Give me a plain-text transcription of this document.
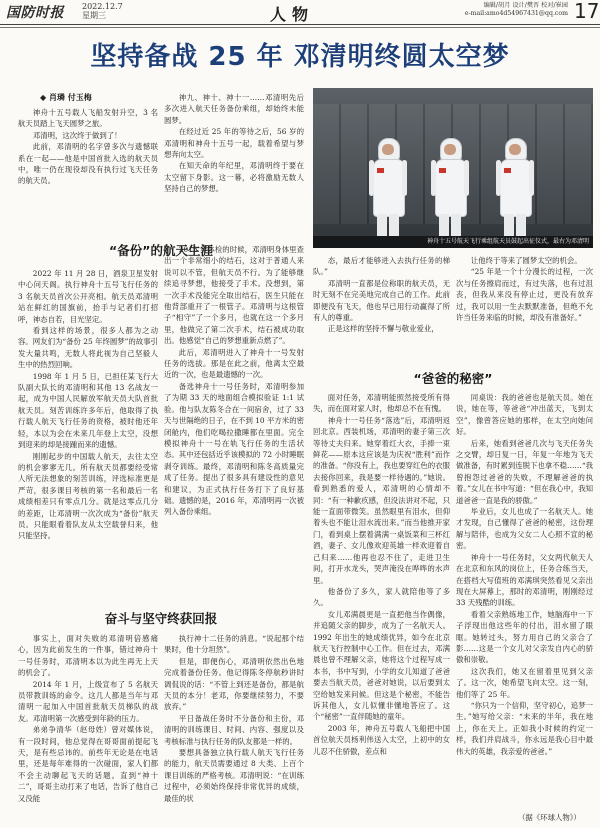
国防时报 2022.12.7
星期三	人物	编辑/胡月 设计/樊晋 校对/崔园
e-mail:amo4d54967431@qq.com 17
坚持备战 25 年 邓清明终圆太空梦
◆ 肖璘 付玉梅

神舟十五号载人飞船发射升空，3 名航天员踏上飞天圆梦之旅。

邓清明，这次终于做到了！

此前，邓清明的名字曾多次与遗憾联系在一起——他是中国首批入选的航天员中，唯一仍在现役却没有执行过飞天任务的航天员。

神九、神十、神十一……邓清明先后多次进入航天任务备份乘组，却始终未能圆梦。

在经过近 25 年的等待之后，56 岁的邓清明和神舟十五号一起，载着希望与梦想奔向太空。

在知天命的年纪里，邓清明终于要在太空留下身影。这一幕，必将激励无数人坚持自己的梦想。

神舟十五号航天飞行乘组航天员鼓起出征仪式，最右为邓清明
“备份”的航天生涯

2022 年 11 月 28 日，酒泉卫星发射中心问天阁。执行神舟十五号飞行任务的 3 名航天员首次公开亮相。航天员邓清明站在鲜红的国旗前，抬手与记者们打招呼，神态自若，目光坚定。

看到这样的场景，很多人都为之动容。网友们为“备份 25 年终圆梦”的故事引发大量共鸣，无数人将此视为自己坚毅人生中的热烈回响。

1998 年 1 月 5 日，已担任某飞行大队副大队长的邓清明和其他 13 名战友一起，成为中国人民解放军航天员大队首批航天员。刻苦训练许多年后，他取得了执行载人航天飞行任务的资格，被时他还年轻，本以为会在未来几年登上太空，没想到迎来的却是接踵而来的遗憾。

刚刚起步的中国载人航天，去往太空的机会寥寥无几。所有航天员都要经受常人所无法想象的刻苦训练，评选标准更是严苛，很多课目考核的第一名和最后一名成绩相差只有零点几分。就是这零点几分的差距，让邓清明一次次成为“备份”航天员。只能眼看着队友从太空载誉归来，他只能坚持。

2013 年体检的时候，邓清明身体里查出一个非常细小的结石，这对于普通人来说可以不管，但航天员不行。为了能够继续追寻梦想，他接受了手术。没想到，第一次手术没能完全取出结石，医生只能在他背部重开了一根管子。邓清明与这根管子“相守”了一个多月，也就在这一个多月里，他做完了第二次手术，结石被成功取出。他感觉“自己的梦想重新点燃了”。

此后，邓清明进入了神舟十一号发射任务的选拔。那是在此之前，他离太空最近的一次，也是最遗憾的一次。

备选神舟十一号任务时，邓清明参加了为期 33 天的地面组合模拟验证 1:1 试验。他与队友陈冬合在一间宿舍，过了 33 天与世隔绝的日子，在不到 10 平方米的密闭舱内，他们吃喝拉撒睡都在里面。完全模拟神舟十一号在轨飞行任务的生活状态。其中还包括近乎该模拟的 72 小时睡眠剥夺训练。最终，邓清明和陈冬高质量完成了任务。提出了很多具有建设性的意见和建议，为正式执行任务打下了良好基础。遗憾的是，2016 年，邓清明再一次被列入备份乘组。

态，最后才能够进入去执行任务的梯队。”

邓清明一直都是位称职的航天员，无时无刻不在完美地完成自己的工作。此前即便没有飞天，他也早已用行动赢得了所有人的尊重。

正是这样的坚持不懈与敬业爱业，

让他终于等来了圆梦太空的机会。

“25 年是一个十分漫长的过程，一次次与任务擦肩而过，有过失落，也有过沮丧，但我从来没有停止过，更没有放弃过，我可以用一生去默默准备，但绝不允许当任务来临的时候，却没有准备好。”

“爸爸的秘密”

面对任务，邓清明能照然接受所有得失，而在面对家人时，他却总不在有愧。

神舟十一号任务“落选”后，邓清明返回北京。西装机场，邓清明的妻子第三次等待丈夫归来。她穿着红大衣，手捧一束鲜花——原本这应该是为庆祝“胜利”而作的准备。“你没有上，我也要穿红色的衣服去接你回来，我是要一样待遇的。”她说。看到熟悉的爱人，邓清明的心情却不同：“有一种歉疚感，但没法讲对不起，只能一直面带微笑。虽然眼里有泪水，但仰着头也不能让泪水流出来。”而当他推开家门，看到桌上摆着满满一桌饭菜和三杯红酒，妻子、女儿像欢迎英雄一样欢迎着自己归来……他再也忍不住了，走进卫生间，打开水龙头，哭声淹没在哗哗的水声里。

他备份了多久，家人就陪他等了多久。

女儿邓满晨更是一直把他当作偶像，并追随父亲的脚步，成为了一名航天人。1992 年出生的她成绩优异，如今在北京航天飞行控制中心工作。但在过去，邓满晨也曾不理解父亲，她将这个过程写成一本书，书中写到，小学的女儿知道了爸爸要去当航天员，爸爸对她说，以后要到太空给她发来问候。但这是个秘密，不能告诉其他人，女儿似懂非懂地答应了。这个“秘密”一直伴随她的童年。

2003 年，神舟五号载人飞船把中国首位航天员杨利伟送入太空，上初中的女儿忍不住骄傲，差点和

同桌说：我的爸爸也是航天员。她在说，她在等，等爸爸“冲出蓝天，飞到太空”，像曾答应她的那样，在太空向她问好。

后来，她看到爸爸几次与飞天任务失之交臂，却日复一日，年复一年地为飞天做准备，有时累到连脱下也拿不稳……“我曾抱怨过爸爸的失败，不理解爸爸的执着。”女儿在书中写道：“但在我心中，我知道爸爸一直是我的骄傲。”

毕业后，女儿也成了一名航天人。她才发现，自己懂得了爸爸的秘密，这份理解与陪伴，也成为父女二人心照不宣的秘密。

神舟十一号任务时，父女两代航天人在北京和东风的岗位上，任务合练当天，在搭档大写值班的邓满琪突然看见父亲出现在大屏幕上，那时的邓清明，刚刚经过 33 天残酷的训练。

看着父亲熟练地工作，她脑海中一下子浮现出他这些年的付出，泪水留了眼眶。她转过头，努力用自己的父亲合了影……这是一个女儿对父亲发自内心的骄傲和崇敬。

这次我们，她又在留着里见到父亲了。这一次，她希望飞向太空。这一刻，他们等了 25 年。

“你只为一个信仰，坚守初心，追梦一生。”她写给父亲：“未来的半年，我在地上，你在天上。正如我小时候的约定一样，我们并肩战斗，你永远是我心目中最伟大的英雄，我亲爱的爸爸。”

奋斗与坚守终获回报

事实上，面对失败的邓清明倍感痛心，因为此前发生的一件事，错过神舟十一号任务时，邓清明本以为此生再无上天的机会了。

2014 年 1 月，上级宣布了 5 名航天员带教训练的命令。这几人都是当年与邓清明一起加入中国首批航天员梯队的战友。邓清明第一次感受到年龄的压力。

弟弟争清华（赵母姓）曾对媒体说，有一段时间，他总觉得在哥哥面前提起飞天，是有些忌讳的。前些年无论是在电话里，还是每年难得的一次碰面，家人们都不会主动聊起飞天的话题。直到“神十二”，哥哥主动打来了电话，告诉了他自己又没能

执行神十二任务的消息。“说起那个结果时，他十分坦然”。

但是，即便伤心，邓清明依然出色地完成着备份任务。他记得陈冬停航秒讲时调侃说的话：“不管上到还是备份，都是航天员的本分！老邓，你要继续努力，不要放弃。”

平日备战任务时不分备份和主份，邓清明的训练课目、时间、内容、强度以及考核标准与执行任务的队友都是一样的。

要想具备独立执行载人航天飞行任务的能力，航天员需要通过 8 大类、上百个课目训练的严格考核。邓清明说：“在训练过程中，必须始终保持非常优异的成绩，最佳的状

（据《环球人物》）
